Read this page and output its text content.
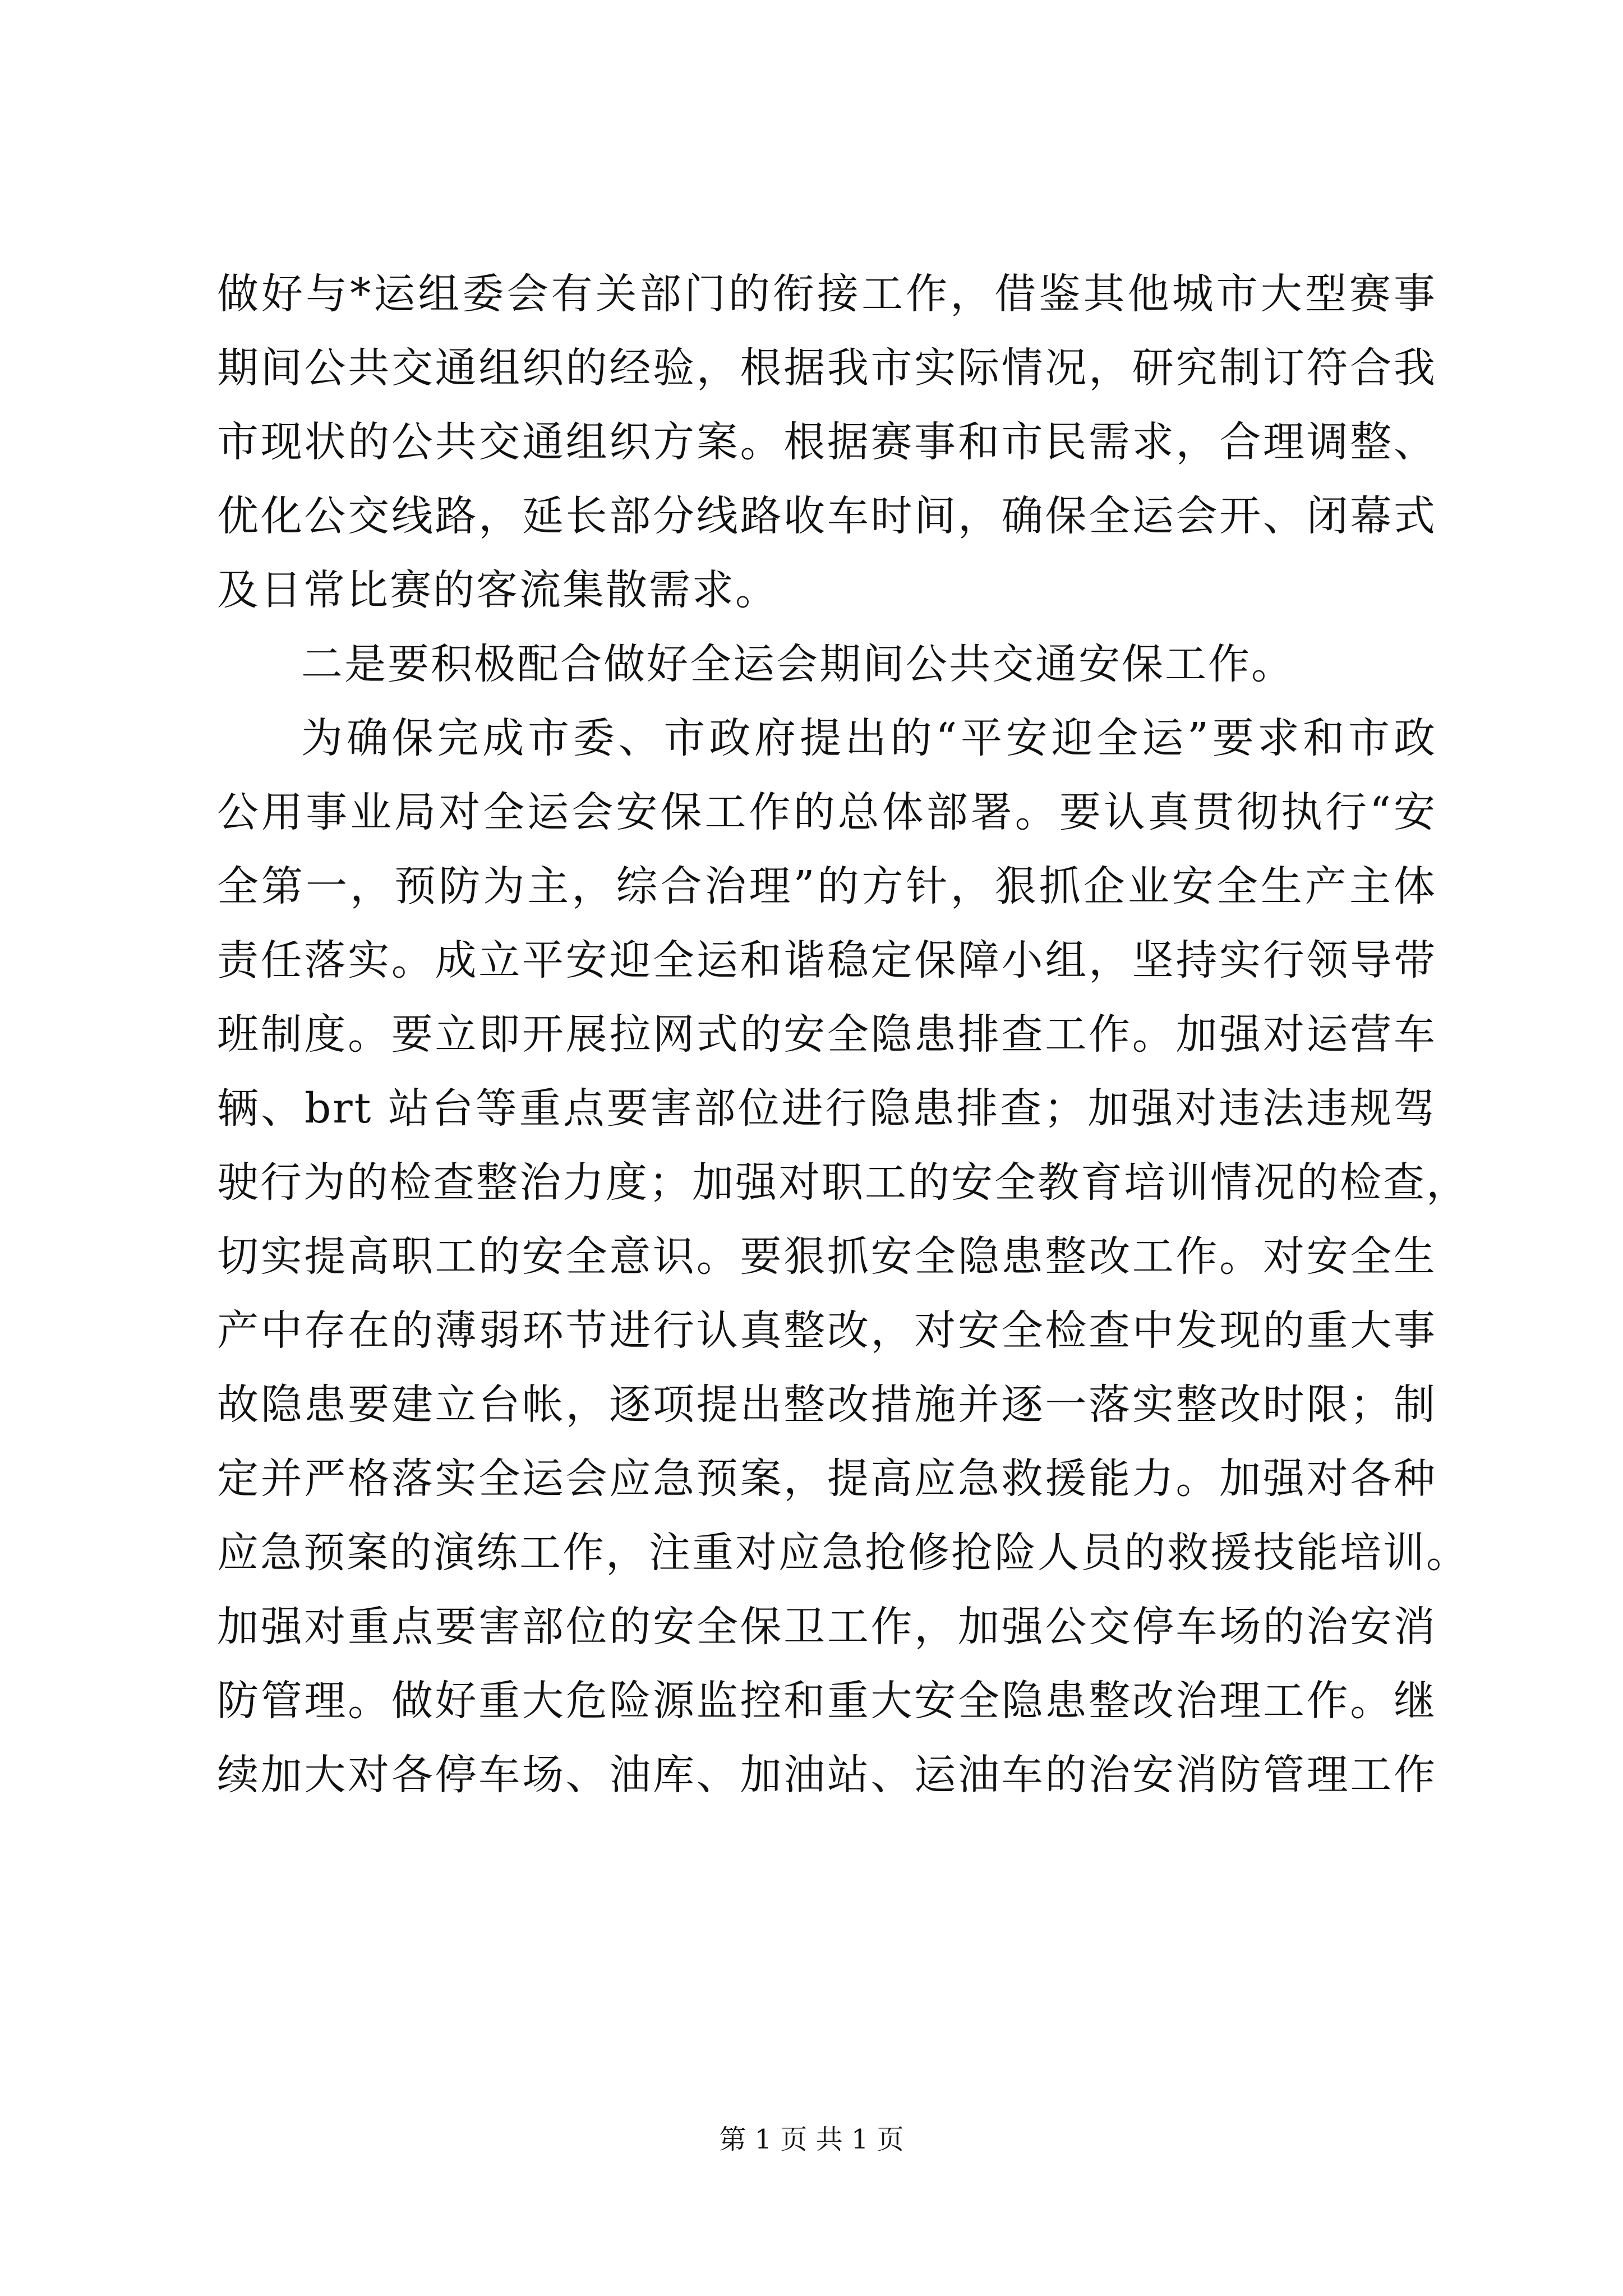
做好与*运组委会有关部门的衔接工作，借鉴其他城市大型赛事
期间公共交通组织的经验，根据我市实际情况，研究制订符合我
市现状的公共交通组织方案。根据赛事和市民需求，合理调整、
优化公交线路，延长部分线路收车时间，确保全运会开、闭幕式
及日常比赛的客流集散需求。
二是要积极配合做好全运会期间公共交通安保工作。
为确保完成市委、市政府提出的“平安迎全运”要求和市政
公用事业局对全运会安保工作的总体部署。要认真贯彻执行“安
全第一，预防为主，综合治理”的方针，狠抓企业安全生产主体
责任落实。成立平安迎全运和谐稳定保障小组，坚持实行领导带
班制度。要立即开展拉网式的安全隐患排查工作。加强对运营车
辆、brt 站台等重点要害部位进行隐患排查；加强对违法违规驾
驶行为的检查整治力度；加强对职工的安全教育培训情况的检查，
切实提高职工的安全意识。要狠抓安全隐患整改工作。对安全生
产中存在的薄弱环节进行认真整改，对安全检查中发现的重大事
故隐患要建立台帐，逐项提出整改措施并逐一落实整改时限；制
定并严格落实全运会应急预案，提高应急救援能力。加强对各种
应急预案的演练工作，注重对应急抢修抢险人员的救援技能培训。
加强对重点要害部位的安全保卫工作，加强公交停车场的治安消
防管理。做好重大危险源监控和重大安全隐患整改治理工作。继
续加大对各停车场、油库、加油站、运油车的治安消防管理工作
第 1 页 共 1 页
